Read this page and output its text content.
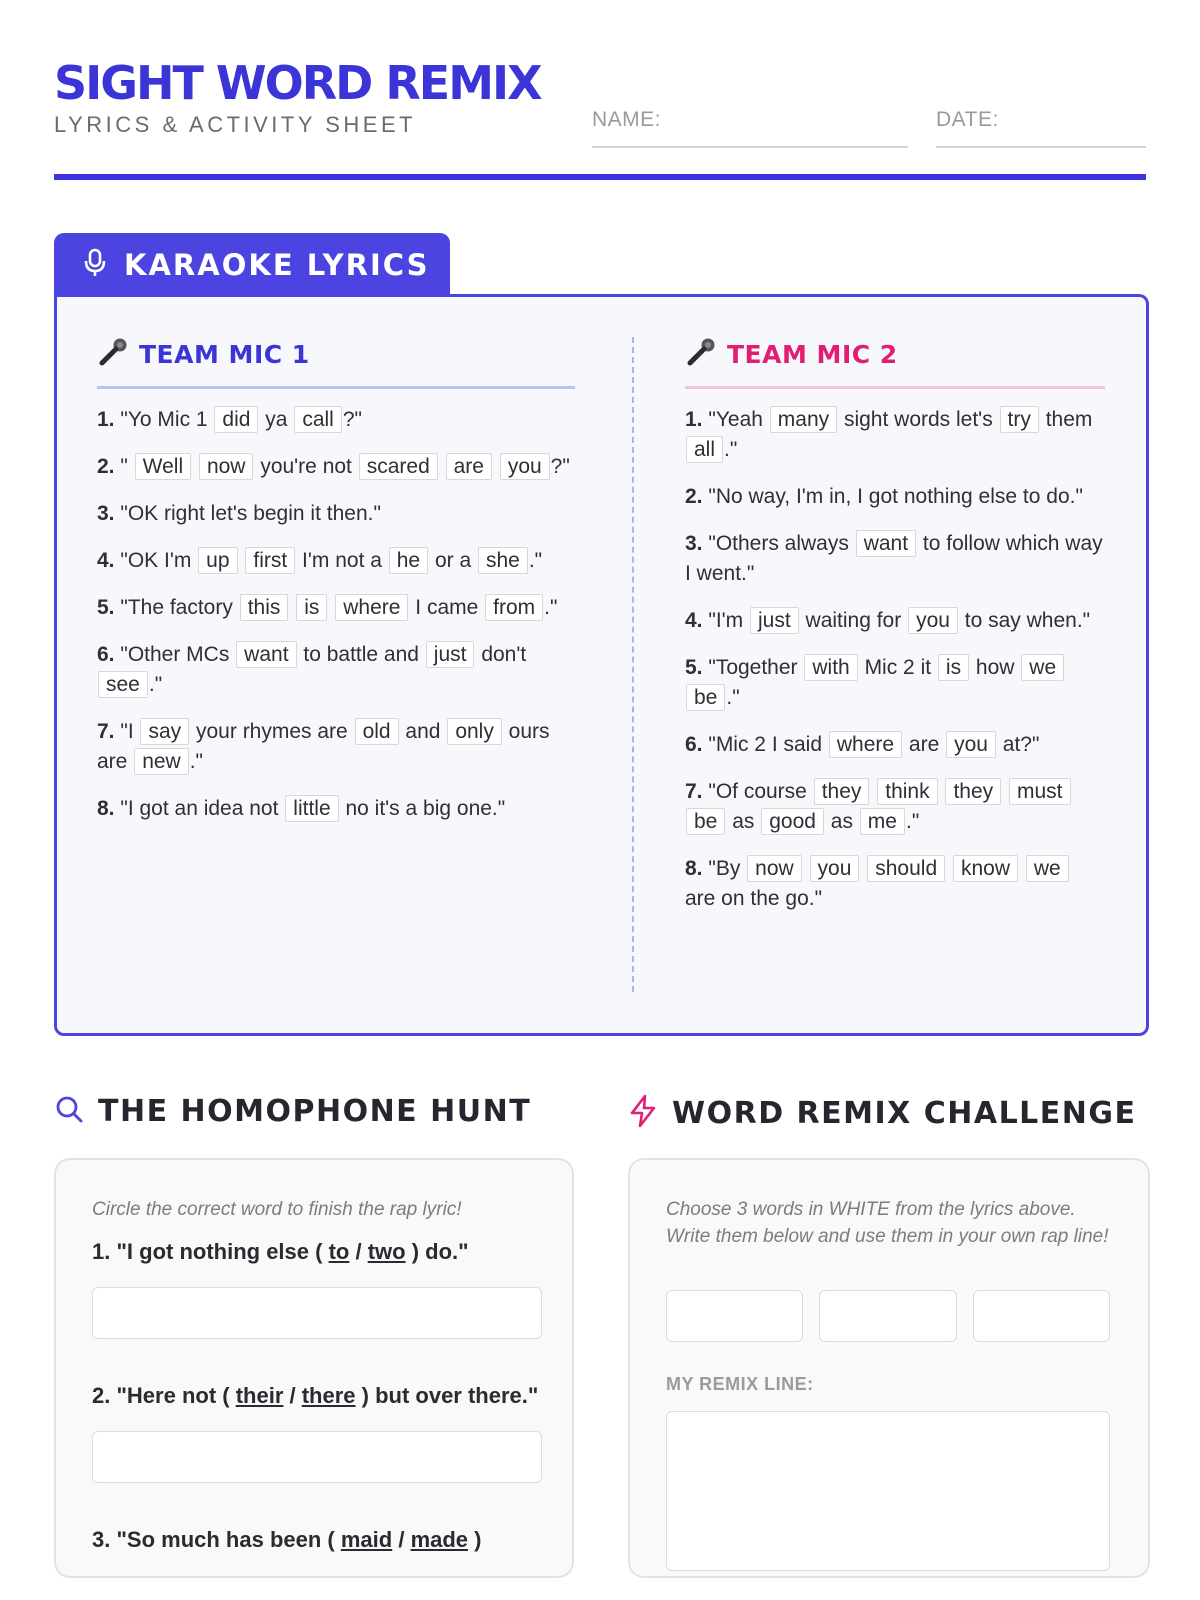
SIGHT WORD REMIX
LYRICS & ACTIVITY SHEET	NAME:	DATE:
KARAOKE LYRICS
TEAM MIC 1
1. "Yo Mic 1 did ya call ?"
2. " Well now you're not scared are you ?"
3. "OK right let's begin it then."
4. "OK I'm up first I'm not a he or a she ."
5. "The factory this is where I came from ."
6. "Other MCs want to battle and just don't see ."
7. "I say your rhymes are old and only ours are new ."
8. "I got an idea not little no it's a big one."
TEAM MIC 2
1. "Yeah many sight words let's try them all ."
2. "No way, I'm in, I got nothing else to do."
3. "Others always want to follow which way I went."
4. "I'm just waiting for you to say when."
5. "Together with Mic 2 it is how we be ."
6. "Mic 2 I said where are you at?"
7. "Of course they think they must be as good as me ."
8. "By now you should know we are on the go."
THE HOMOPHONE HUNT	WORD REMIX CHALLENGE
Circle the correct word to finish the rap lyric!
1. "I got nothing else ( to / two ) do."
2. "Here not ( their / there ) but over there."
3. "So much has been ( maid / made )
Choose 3 words in WHITE from the lyrics above. Write them below and use them in your own rap line!
MY REMIX LINE:
